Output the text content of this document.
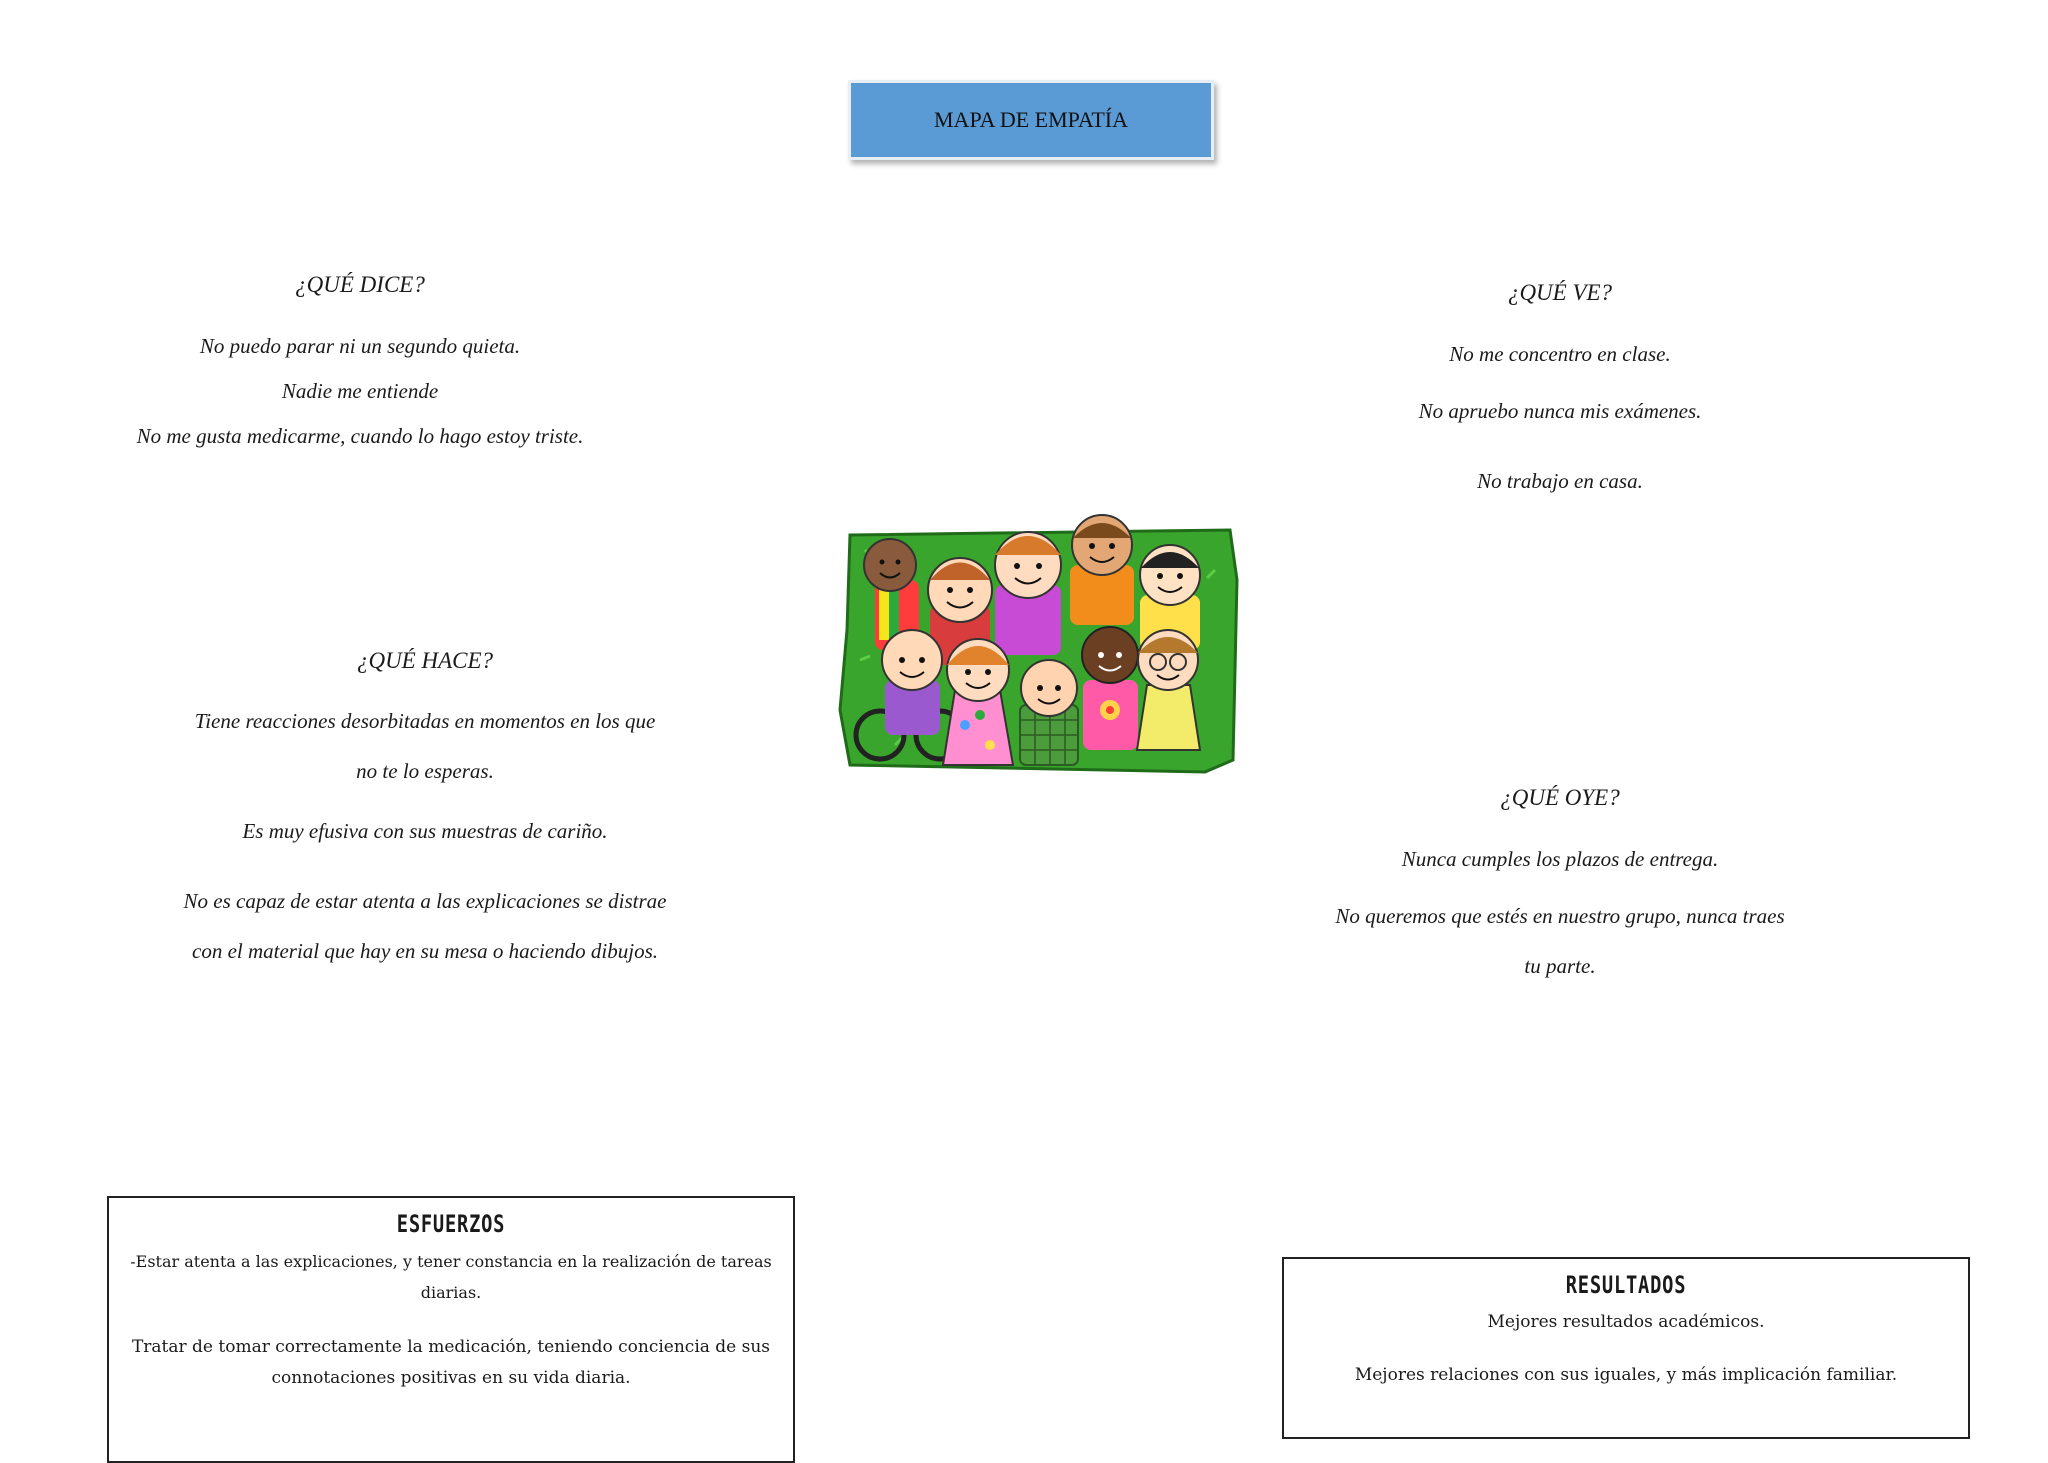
MAPA DE EMPATÍA

¿QUÉ DICE?

No puedo parar ni un segundo quieta.

Nadie me entiende

No me gusta medicarme, cuando lo hago estoy triste.

¿QUÉ HACE?

Tiene reacciones desorbitadas en momentos en los que

no te lo esperas.

Es muy efusiva con sus muestras de cariño.

No es capaz de estar atenta a las explicaciones se distrae

con el material que hay en su mesa o haciendo dibujos.

¿QUÉ VE?

No me concentro en clase.

No apruebo nunca mis exámenes.

No trabajo en casa.

¿QUÉ OYE?

Nunca cumples los plazos de entrega.

No queremos que estés en nuestro grupo, nunca traes

tu parte.

ESFUERZOS

-Estar atenta a las explicaciones, y tener constancia en la realización de tareas diarias.

Tratar de tomar correctamente la medicación, teniendo conciencia de sus

connotaciones positivas en su vida diaria.

RESULTADOS

Mejores resultados académicos.

Mejores relaciones con sus iguales, y más implicación familiar.
